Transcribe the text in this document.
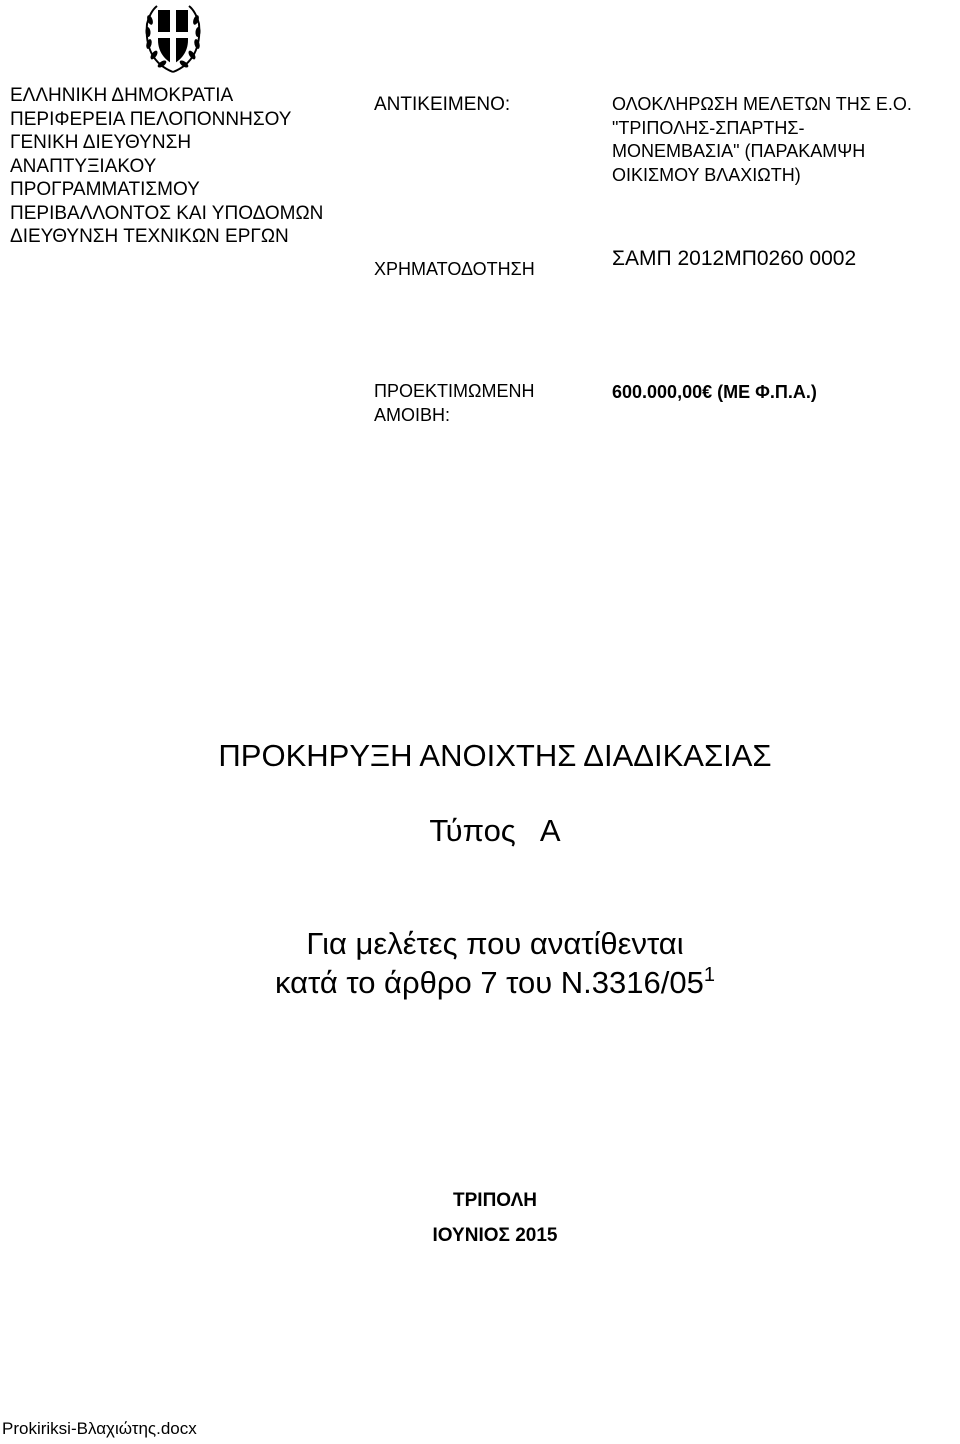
ΕΛΛΗΝΙΚΗ ΔΗΜΟΚΡΑΤΙΑ
ΠΕΡΙΦΕΡΕΙΑ ΠΕΛΟΠΟΝΝΗΣΟΥ
ΓΕΝΙΚΗ ΔΙΕΥΘΥΝΣΗ
ΑΝΑΠΤΥΞΙΑΚΟΥ
ΠΡΟΓΡΑΜΜΑΤΙΣΜΟΥ
ΠΕΡΙΒΑΛΛΟΝΤΟΣ ΚΑΙ ΥΠΟΔΟΜΩΝ
ΔΙΕΥΘΥΝΣΗ ΤΕΧΝΙΚΩΝ ΕΡΓΩΝ
ΑΝΤΙΚΕΙΜΕΝΟ:	ΟΛΟΚΛΗΡΩΣΗ ΜΕΛΕΤΩΝ ΤΗΣ Ε.Ο.
"ΤΡΙΠΟΛΗΣ-ΣΠΑΡΤΗΣ-
ΜΟΝΕΜΒΑΣΙΑ" (ΠΑΡΑΚΑΜΨΗ
ΟΙΚΙΣΜΟΥ ΒΛΑΧΙΩΤΗ)
ΧΡΗΜΑΤΟΔΟΤΗΣΗ	ΣΑΜΠ 2012ΜΠ0260 0002
ΠΡΟΕΚΤΙΜΩΜΕΝΗ
ΑΜΟΙΒΗ:
600.000,00€ (ΜΕ Φ.Π.Α.)
ΠΡΟΚΗΡΥΞΗ ΑΝΟΙΧΤΗΣ ΔΙΑΔΙΚΑΣΙΑΣ
Τύπος   Α
Για μελέτες που ανατίθενται
κατά το άρθρο 7 του $N.3316/05^1$
ΤΡΙΠΟΛΗ
ΙΟΥΝΙΟΣ 2015
Prokiriksi-Βλαχιώτης.docx
